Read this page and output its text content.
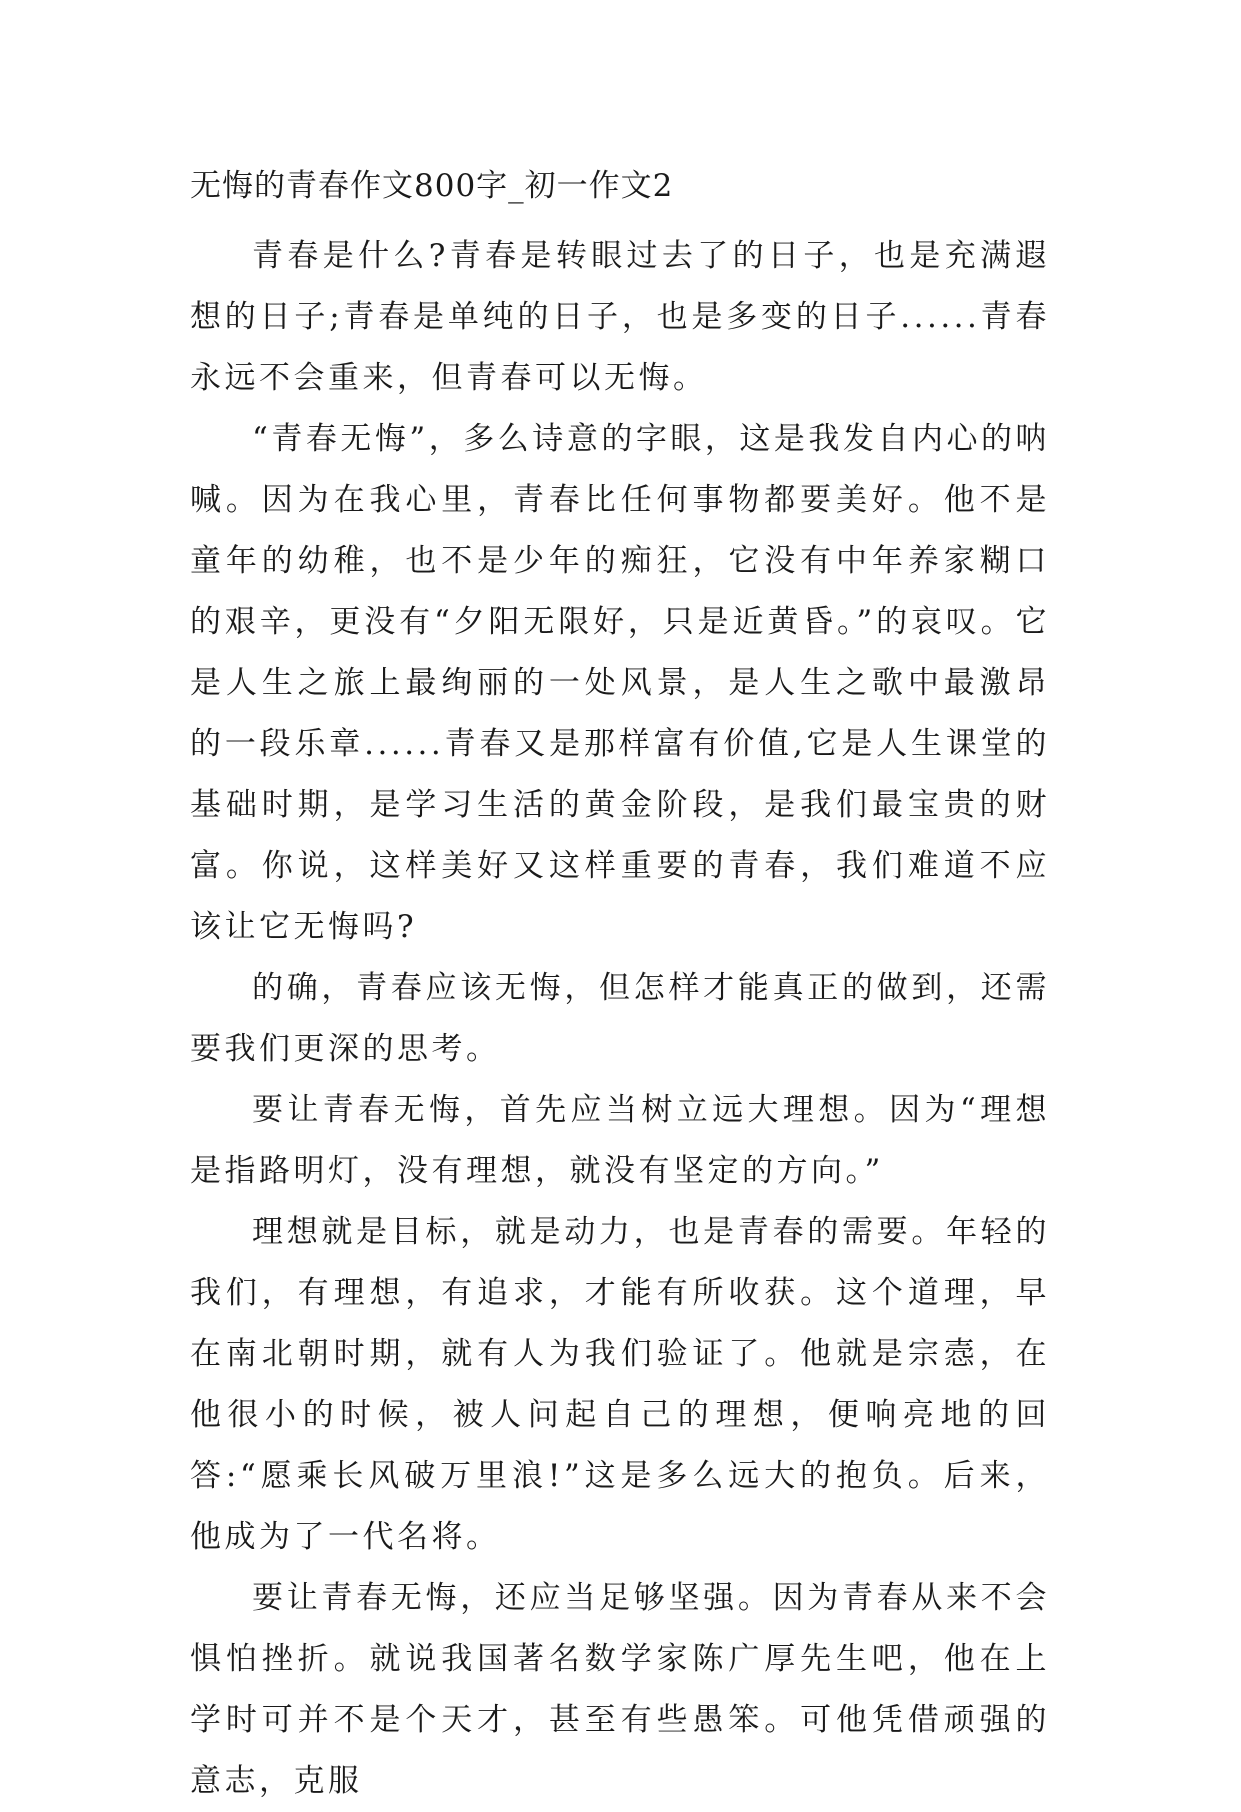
无悔的青春作文800字_初一作文2

青春是什么?青春是转眼过去了的日子，也是充满遐想的日子;青春是单纯的日子，也是多变的日子......青春永远不会重来，但青春可以无悔。

“青春无悔”，多么诗意的字眼，这是我发自内心的呐喊。因为在我心里，青春比任何事物都要美好。他不是童年的幼稚，也不是少年的痴狂，它没有中年养家糊口的艰辛，更没有“夕阳无限好，只是近黄昏。”的哀叹。它是人生之旅上最绚丽的一处风景，是人生之歌中最激昂的一段乐章......青春又是那样富有价值,它是人生课堂的基础时期，是学习生活的黄金阶段，是我们最宝贵的财富。你说，这样美好又这样重要的青春，我们难道不应该让它无悔吗?

的确，青春应该无悔，但怎样才能真正的做到，还需要我们更深的思考。

要让青春无悔，首先应当树立远大理想。因为“理想是指路明灯，没有理想，就没有坚定的方向。”

理想就是目标，就是动力，也是青春的需要。年轻的我们，有理想，有追求，才能有所收获。这个道理，早在南北朝时期，就有人为我们验证了。他就是宗悫，在他很小的时候，被人问起自己的理想，便响亮地的回答:“愿乘长风破万里浪!”这是多么远大的抱负。后来，他成为了一代名将。

要让青春无悔，还应当足够坚强。因为青春从来不会惧怕挫折。就说我国著名数学家陈广厚先生吧，他在上学时可并不是个天才，甚至有些愚笨。可他凭借顽强的意志，克服
